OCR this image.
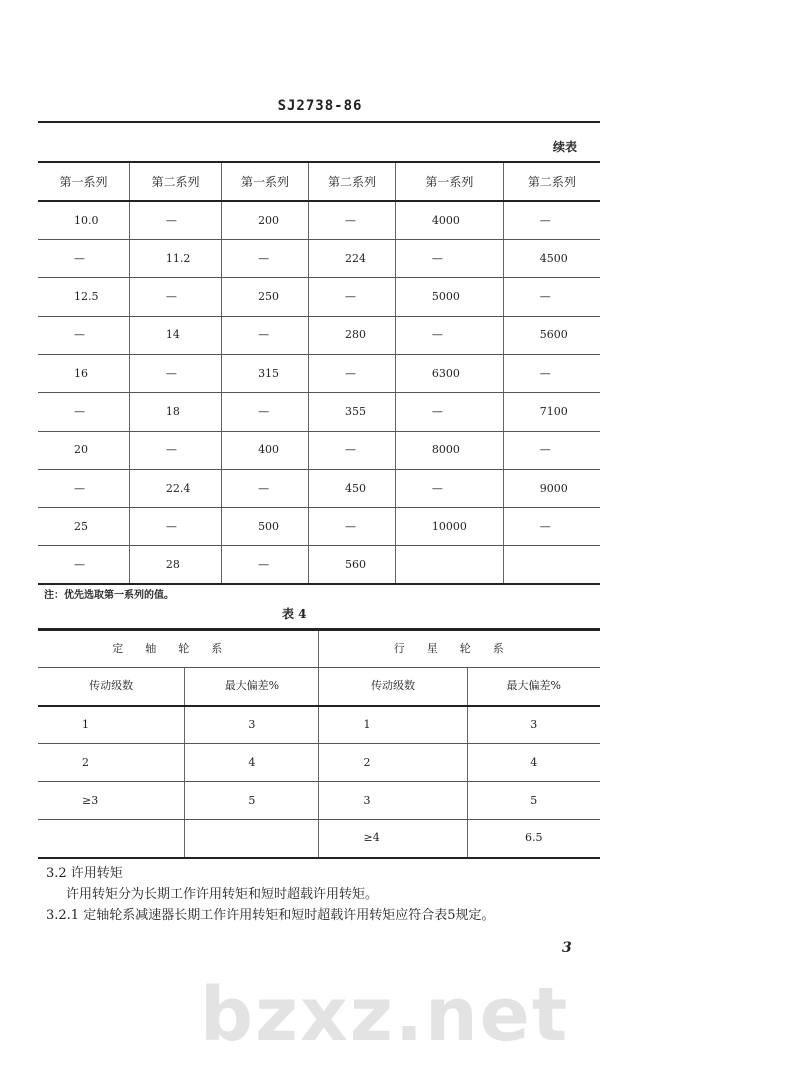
SJ2738-86
bzxz.net
续表
第一系列	第二系列	第一系列	第二系列	第一系列	第二系列
10.0	—	200	—	4000	—
—	11.2	—	224	—	4500
12.5	—	250	—	5000	—
—	14	—	280	—	5600
16	—	315	—	6300	—
—	18	—	355	—	7100
20	—	400	—	8000	—
—	22.4	—	450	—	9000
25	—	500	—	10000	—
—	28	—	560		
注：优先选取第一系列的值。
表 4
定轴轮系		行星轮系	
传动级数	最大偏差%	传动级数	最大偏差%
1	3	1	3
2	4	2	4
≥3	5	3	5
		≥4	6.5
3.2 许用转矩
许用转矩分为长期工作许用转矩和短时超载许用转矩。
3.2.1 定轴轮系减速器长期工作许用转矩和短时超载许用转矩应符合表5规定。
3
